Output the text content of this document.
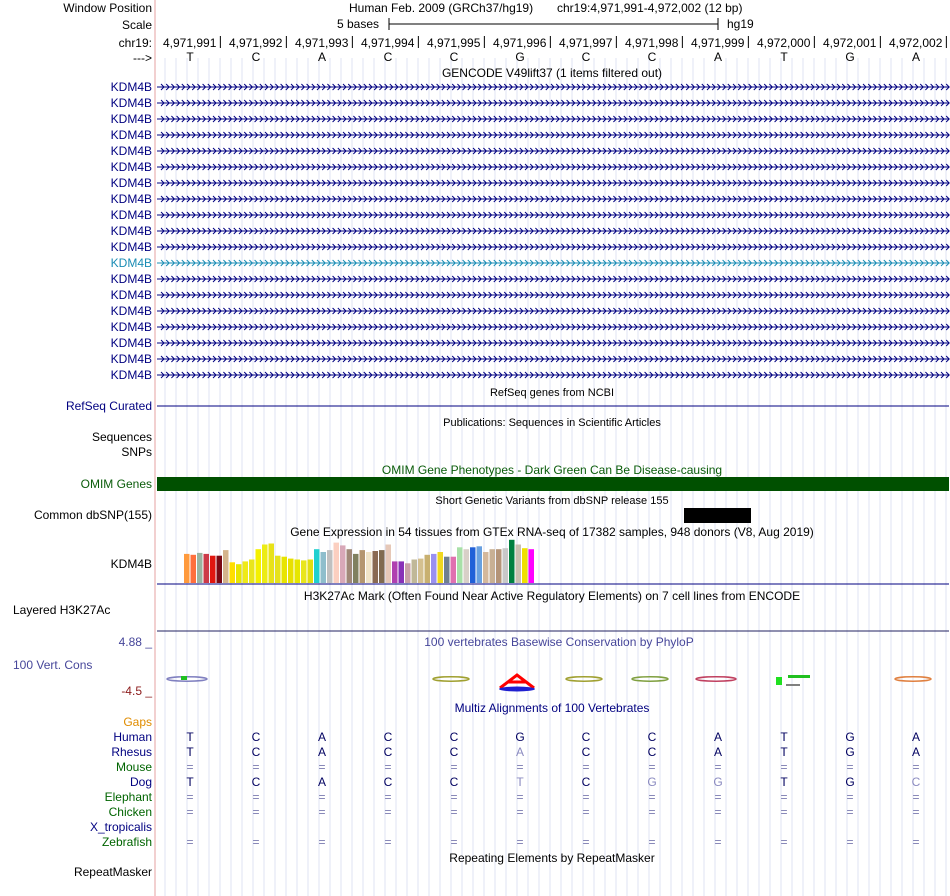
Window Position	Human Feb. 2009 (GRCh37/hg19) chr19:4,971,991-4,972,002 (12 bp)
Scale	5 bases	hg19
chr19: 4,971,991 4,971,992 4,971,993 4,971,994 4,971,995 4,971,996 4,971,997 4,971,998 4,971,999 4,972,000 4,972,001 4,972,002
--->	T	C	A	C	C	G	C	C	A	T	G	A
GENCODE V49lift37 (1 items filtered out)
KDM4B
KDM4B
KDM4B
KDM4B
KDM4B
KDM4B
KDM4B
KDM4B
KDM4B
KDM4B
KDM4B
KDM4B
KDM4B
KDM4B
KDM4B
KDM4B
KDM4B
KDM4B
KDM4B
RefSeq genes from NCBI
RefSeq Curated
Publications: Sequences in Scientific Articles
Sequences
SNPs
OMIM Gene Phenotypes - Dark Green Can Be Disease-causing
OMIM Genes
Short Genetic Variants from dbSNP release 155
Common dbSNP(155)
Gene Expression in 54 tissues from GTEx RNA-seq of 17382 samples, 948 donors (V8, Aug 2019)
KDM4B
H3K27Ac Mark (Often Found Near Active Regulatory Elements) on 7 cell lines from ENCODE
Layered H3K27Ac
4.88 _	100 vertebrates Basewise Conservation by PhyloP
100 Vert. Cons
-4.5 _
Multiz Alignments of 100 Vertebrates
Gaps
Human	T	C	A	C	C	G	C	C	A	T	G	A
Rhesus	T	C	A	C	C	A	C	C	A	T	G	A
Mouse	=	=	=	=	=	=	=	=	=	=	=	=
Dog	T	C	A	C	C	T	C	G	G	T	G	C
Elephant	=	=	=	=	=	=	=	=	=	=	=	=
Chicken	=	=	=	=	=	=	=	=	=	=	=	=
X_tropicalis
Zebrafish	=	=	=	=	=	=	=	=	=	=	=	=
Repeating Elements by RepeatMasker
RepeatMasker
